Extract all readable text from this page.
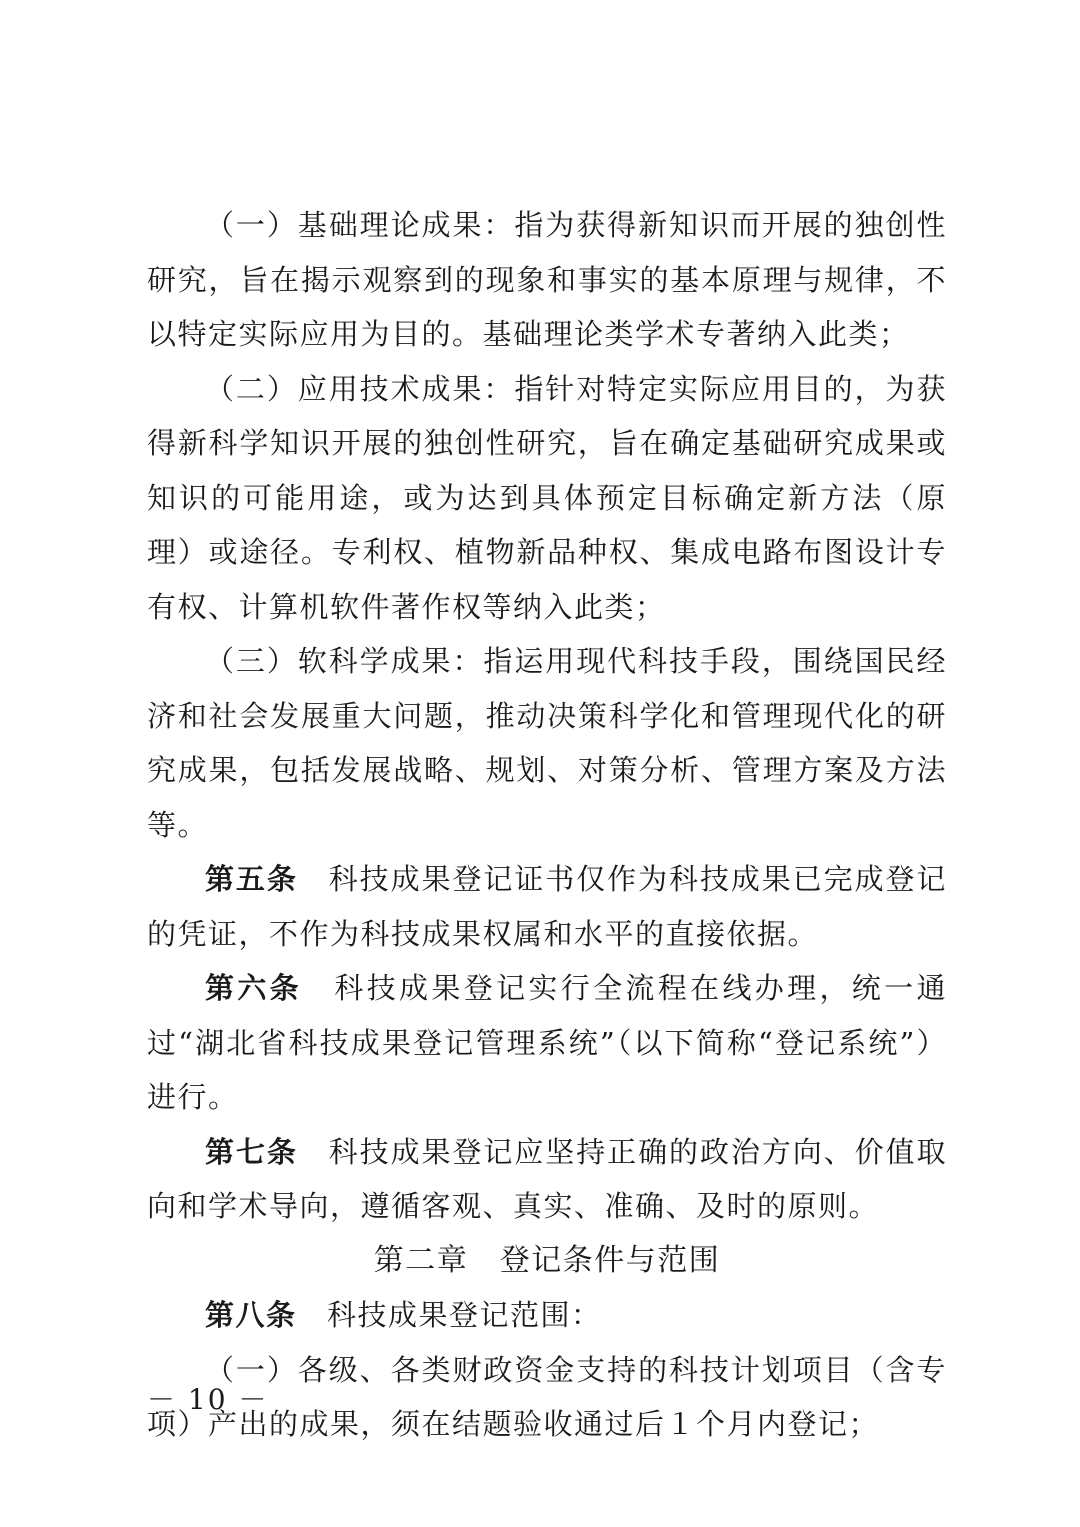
（一）基础理论成果：指为获得新知识而开展的独创性研究，旨在揭示观察到的现象和事实的基本原理与规律，不以特定实际应用为目的。基础理论类学术专著纳入此类；

（二）应用技术成果：指针对特定实际应用目的，为获得新科学知识开展的独创性研究，旨在确定基础研究成果或知识的可能用途，或为达到具体预定目标确定新方法（原理）或途径。专利权、植物新品种权、集成电路布图设计专有权、计算机软件著作权等纳入此类；

（三）软科学成果：指运用现代科技手段，围绕国民经济和社会发展重大问题，推动决策科学化和管理现代化的研究成果，包括发展战略、规划、对策分析、管理方案及方法等。

第五条　 科技成果登记证书仅作为科技成果已完成登记的凭证，不作为科技成果权属和水平的直接依据。

第六条　 科技成果登记实行全流程在线办理，统一通过“湖北省科技成果登记管理系统”（以下简称“登记系统”）进行。

第七条　 科技成果登记应坚持正确的政治方向、价值取向和学术导向，遵循客观、真实、准确、及时的原则。

第二章　登记条件与范围

第八条　 科技成果登记范围：

（一）各级、各类财政资金支持的科技计划项目（含专项）产出的成果，须在结题验收通过后１个月内登记；

－ 10 －
